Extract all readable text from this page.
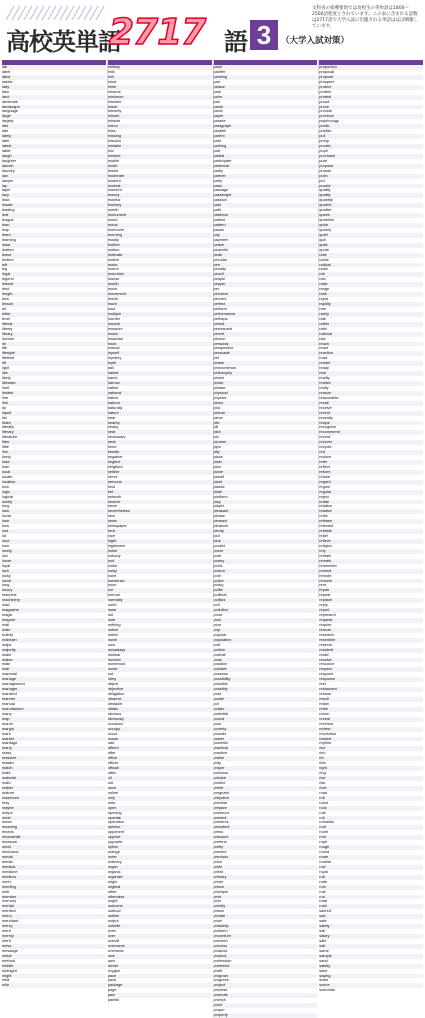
高校英単語
2717 語 3	（大学入試対策）
文科省の指導要領では高校生の英単語は1800〜2500語程度とされています。この表に含まれる語数は2717語で大学入試に出題される単語はほぼ網羅しています。
lab
label
labor
ladder
lady
lake
land
landmark
landscape
language
large
largely
last
late
lately
later
latest
latter
laugh
laughter
launch
laundry
law
lawyer
lay
layer
lazy
lead
leader
leading
leaf
league
lean
leap
learn
learning
least
leather
leave
lecture
left
leg
legal
legend
leisure
lend
length
less
lesson
let
letter
level
liberal
liberty
library
license
lie
life
lifestyle
lifetime
lift
light
like
likely
likewise
limit
limited
line
link
lip
liquid
list
listen
literally
literary
literature
litter
little
live
lively
load
loan
local
locate
location
lock
logic
logical
lonely
long
look
loose
lose
loss
lost
lot
loud
love
lovely
low
lower
loyal
luck
lucky
lunch
lung
luxury
machine
machinery
mad
magazine
magic
magnet
mail
main
mainly
maintain
major
majority
make
maker
male
mall
mammal
manage
management
manager
mankind
manner
manual
manufacture
many
map
march
margin
mark
market
marriage
marry
mass
massive
master
match
mate
material
math
matter
mature
maximum
may
maybe
mayor
meal
mean
meaning
means
meanwhile
measure
meat
mechanic
medal
media
medical
medicine
medium
meet
meeting
melt
member
memory
mental
mention
menu
merchant
mercy
mere
merely
merit
mess
message
metal
method
middle
midnight
might
mild
mile
military
milk
mill
mind
mine
mineral
minimum
minister
minor
minority
minute
miracle
mirror
miss
missing
mission
mistake
mix
mixture
mobile
mode
model
moderate
modern
modest
moment
money
monitor
monkey
month
monument
mood
moral
moreover
morning
mostly
mother
motion
motivate
motive
motor
mount
mountain
mouse
mouth
move
movement
movie
much
mud
multiple
murder
muscle
museum
music
musician
must
mutual
myself
mystery
myth
nail
naked
name
narrow
nation
national
native
natural
naturally
nature
near
nearby
nearly
neat
necessary
neck
need
needle
negative
neglect
neighbor
neither
nerve
nervous
nest
net
network
neutral
never
nevertheless
new
news
newspaper
next
nice
night
nightmare
noble
nobody
nod
noise
noisy
none
nonsense
noon
nor
normal
normally
north
nose
not
note
nothing
notice
notion
novel
now
nowadays
nuclear
number
numerous
nurse
nut
obey
object
objective
obligation
observe
obstacle
obtain
obvious
obviously
occasion
occupy
occur
ocean
odd
offend
offer
office
officer
official
often
oil
old
once
online
only
onto
open
opening
operate
operation
opinion
opponent
oppose
opposite
option
orange
order
ordinary
organ
organic
organize
origin
original
other
otherwise
ought
outcome
outdoor
outline
output
outside
oven
over
overall
overcome
overseas
owe
own
owner
oxygen
pace
pack
package
page
pain
painful
paint
painter
painting
pair
palace
pale
palm
pan
panel
panic
paper
parade
paragraph
parallel
parent
park
parking
part
partial
participate
particular
partly
partner
party
pass
passage
passenger
passion
past
path
patience
patient
pattern
pause
pay
payment
peace
peaceful
peak
peculiar
pen
penalty
pencil
people
pepper
per
perceive
percent
perfect
perform
performance
perhaps
period
permanent
permit
person
personal
perspective
persuade
pet
phase
phenomenon
philosophy
phone
photo
phrase
physical
physics
piano
pick
picture
piece
pile
pill
pilot
pin
pioneer
pipe
pity
place
plain
plan
plane
planet
plant
plastic
plate
platform
play
player
pleasant
please
pleased
pleasure
plenty
plot
plus
pocket
poem
poet
poetry
point
poison
pole
police
policy
polite
political
politics
poll
pollution
pond
pool
poor
pop
popular
population
port
portion
portrait
pose
position
positive
possess
possibility
possible
possibly
post
poster
pot
potato
potential
pound
pour
poverty
powder
power
powerful
practical
practice
praise
pray
prayer
precious
precise
predict
prefer
pregnant
prejudice
premise
prepare
presence
present
preserve
president
press
pressure
pretend
pretty
prevent
previous
price
pride
priest
primary
prime
prince
principle
print
prior
priority
prison
private
prize
probably
problem
procedure
proceed
process
produce
product
profession
professor
profit
program
progress
project
promise
promote
prompt
proof
proper
property
proportion
proposal
propose
prospect
protect
protein
protest
proud
prove
provide
province
psychology
public
publish
pull
pump
punish
pupil
purchase
pure
purpose
pursue
push
put
puzzle
qualify
quality
quantity
quarrel
quarter
queen
question
quick
quickly
quiet
quit
quite
quote
race
racial
radical
radio
rail
rain
raise
range
rank
rapid
rapidly
rare
rarely
rate
rather
ratio
rational
raw
reach
react
reaction
read
reader
ready
real
reality
realize
really
reason
reasonable
recall
receive
recent
recently
recipe
recognize
recommend
record
recover
recycle
red
reduce
refer
reflect
reform
refuse
regard
region
regular
reject
relate
relation
relative
relax
release
relevant
reliable
relief
relieve
religion
rely
remain
remark
remember
remind
remote
remove
rent
repair
repeat
replace
reply
report
represent
request
require
rescue
research
resemble
reserve
resident
resist
resolve
resource
respect
respond
response
rest
restaurant
restore
result
retain
retire
return
reveal
revenue
review
revolution
reward
rhythm
rice
rich
rid
ride
right
ring
rise
risk
river
road
rob
robot
rock
role
roll
romantic
roof
room
root
rope
rough
round
route
routine
row
royal
rub
rude
ruin
rule
run
rural
rush
sacred
sad
safe
safety
sail
salary
sale
salt
same
sample
sand
satisfy
save
saying
scale
scene
schedule
